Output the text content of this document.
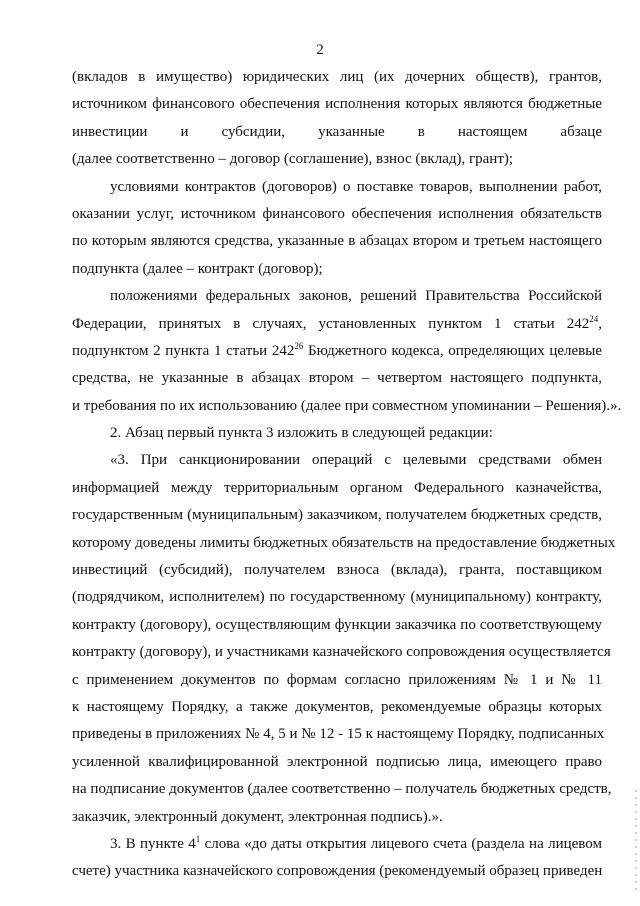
2
(вкладов в имущество) юридических лиц (их дочерних обществ), грантов,
источником финансового обеспечения исполнения которых являются бюджетные
инвестиции и субсидии, указанные в настоящем абзаце
(далее соответственно – договор (соглашение), взнос (вклад), грант);
условиями контрактов (договоров) о поставке товаров, выполнении работ,
оказании услуг, источником финансового обеспечения исполнения обязательств
по которым являются средства, указанные в абзацах втором и третьем настоящего
подпункта (далее – контракт (договор);
положениями федеральных законов, решений Правительства Российской
Федерации, принятых в случаях, установленных пунктом 1 статьи $242^{24}$,
подпунктом 2 пункта 1 статьи $242^{26}$ Бюджетного кодекса, определяющих целевые
средства, не указанные в абзацах втором – четвертом настоящего подпункта,
и требования по их использованию (далее при совместном упоминании – Решения).».
2. Абзац первый пункта 3 изложить в следующей редакции:
«3. При санкционировании операций с целевыми средствами обмен
информацией между территориальным органом Федерального казначейства,
государственным (муниципальным) заказчиком, получателем бюджетных средств,
которому доведены лимиты бюджетных обязательств на предоставление бюджетных
инвестиций (субсидий), получателем взноса (вклада), гранта, поставщиком
(подрядчиком, исполнителем) по государственному (муниципальному) контракту,
контракту (договору), осуществляющим функции заказчика по соответствующему
контракту (договору), и участниками казначейского сопровождения осуществляется
с применением документов по формам согласно приложениям № 1 и № 11
к настоящему Порядку, а также документов, рекомендуемые образцы которых
приведены в приложениях № 4, 5 и № 12 - 15 к настоящему Порядку, подписанных
усиленной квалифицированной электронной подписью лица, имеющего право
на подписание документов (далее соответственно – получатель бюджетных средств,
заказчик, электронный документ, электронная подпись).».
3. В пункте $4^1$ слова «до даты открытия лицевого счета (раздела на лицевом
счете) участника казначейского сопровождения (рекомендуемый образец приведен
